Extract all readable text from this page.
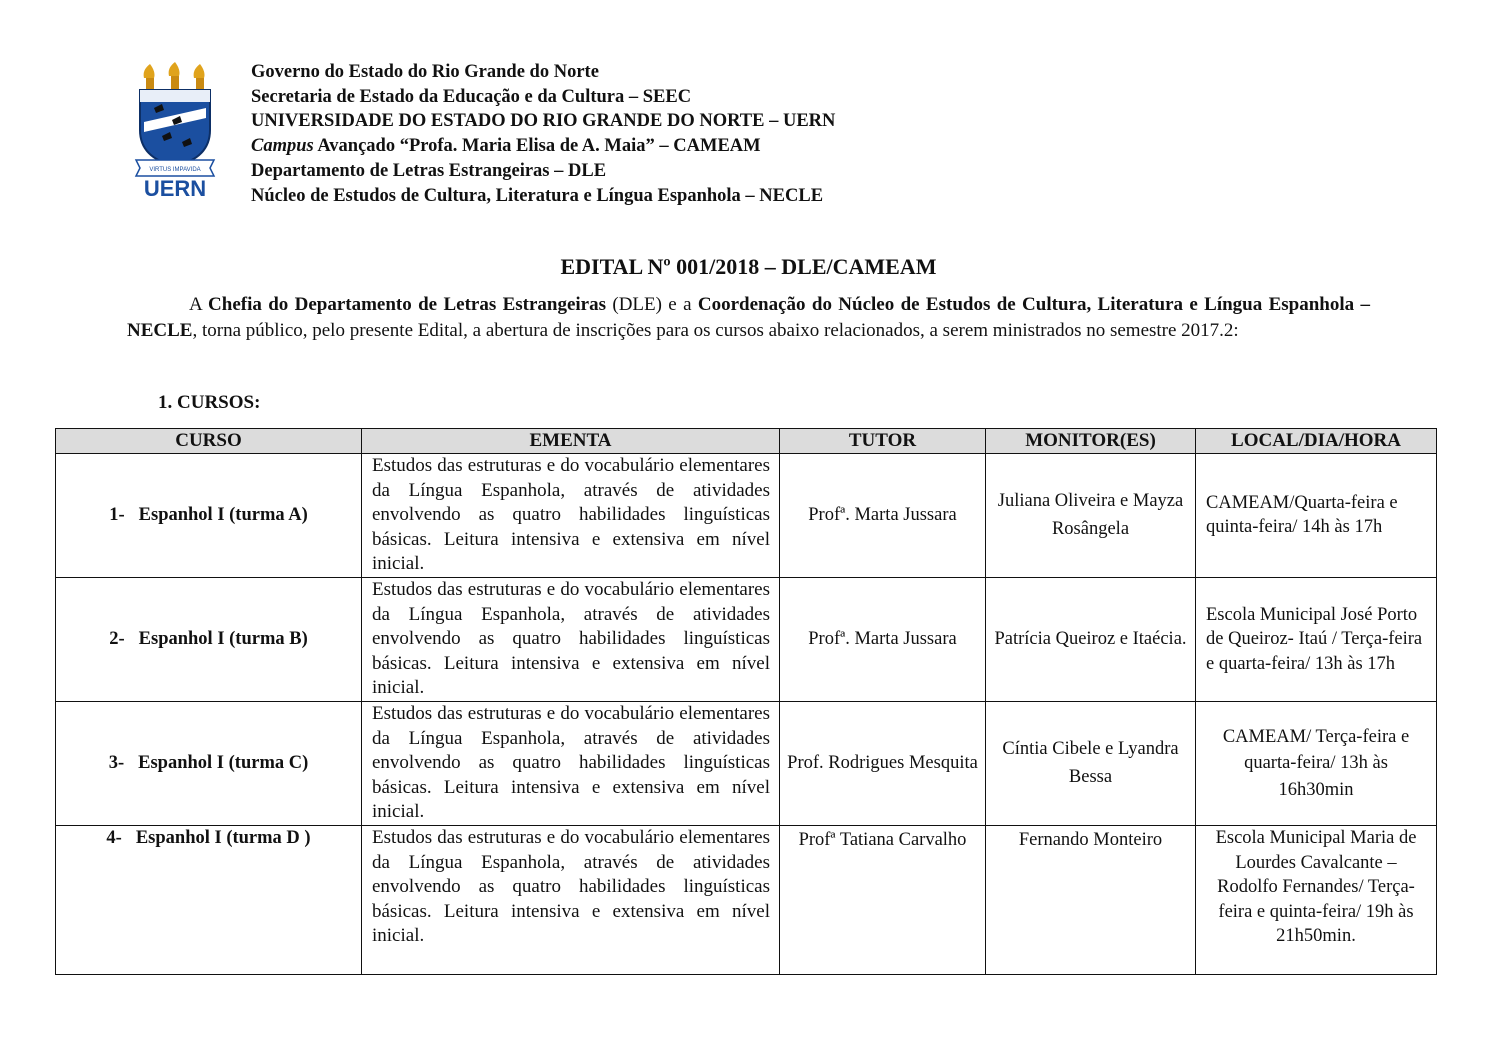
VIRTUS IMPAVIDA
UERN
Governo do Estado do Rio Grande do Norte
Secretaria de Estado da Educação e da Cultura – SEEC
UNIVERSIDADE DO ESTADO DO RIO GRANDE DO NORTE – UERN
Campus Avançado “Profa. Maria Elisa de A. Maia” – CAMEAM
Departamento de Letras Estrangeiras – DLE
Núcleo de Estudos de Cultura, Literatura e Língua Espanhola – NECLE
EDITAL Nº 001/2018 – DLE/CAMEAM

A Chefia do Departamento de Letras Estrangeiras (DLE) e a Coordenação do Núcleo de Estudos de Cultura, Literatura e Língua Espanhola – NECLE, torna público, pelo presente Edital, a abertura de inscrições para os cursos abaixo relacionados, a serem ministrados no semestre 2017.2:

1. CURSOS:
CURSO	EMENTA	TUTOR	MONITOR(ES)	LOCAL/DIA/HORA
1- Espanhol I (turma A)	Estudos das estruturas e do vocabulário elementares da Língua Espanhola, através de atividades envolvendo as quatro habilidades linguísticas básicas. Leitura intensiva e extensiva em nível inicial.	Profª. Marta Jussara	Juliana Oliveira e Mayza Rosângela	CAMEAM/Quarta-feira e quinta-feira/ 14h às 17h
2- Espanhol I (turma B)	Estudos das estruturas e do vocabulário elementares da Língua Espanhola, através de atividades envolvendo as quatro habilidades linguísticas básicas. Leitura intensiva e extensiva em nível inicial.	Profª. Marta Jussara	Patrícia Queiroz e Itaécia.	Escola Municipal José Porto de Queiroz- Itaú / Terça-feira e quarta-feira/ 13h às 17h
3- Espanhol I (turma C)	Estudos das estruturas e do vocabulário elementares da Língua Espanhola, através de atividades envolvendo as quatro habilidades linguísticas básicas. Leitura intensiva e extensiva em nível inicial.	Prof. Rodrigues Mesquita	Cíntia Cibele e Lyandra Bessa	CAMEAM/ Terça-feira e quarta-feira/ 13h às 16h30min
4- Espanhol I (turma D )	Estudos das estruturas e do vocabulário elementares da Língua Espanhola, através de atividades envolvendo as quatro habilidades linguísticas básicas. Leitura intensiva e extensiva em nível inicial.	Profª Tatiana Carvalho	Fernando Monteiro	Escola Municipal Maria de Lourdes Cavalcante – Rodolfo Fernandes/ Terça-feira e quinta-feira/ 19h às 21h50min.
